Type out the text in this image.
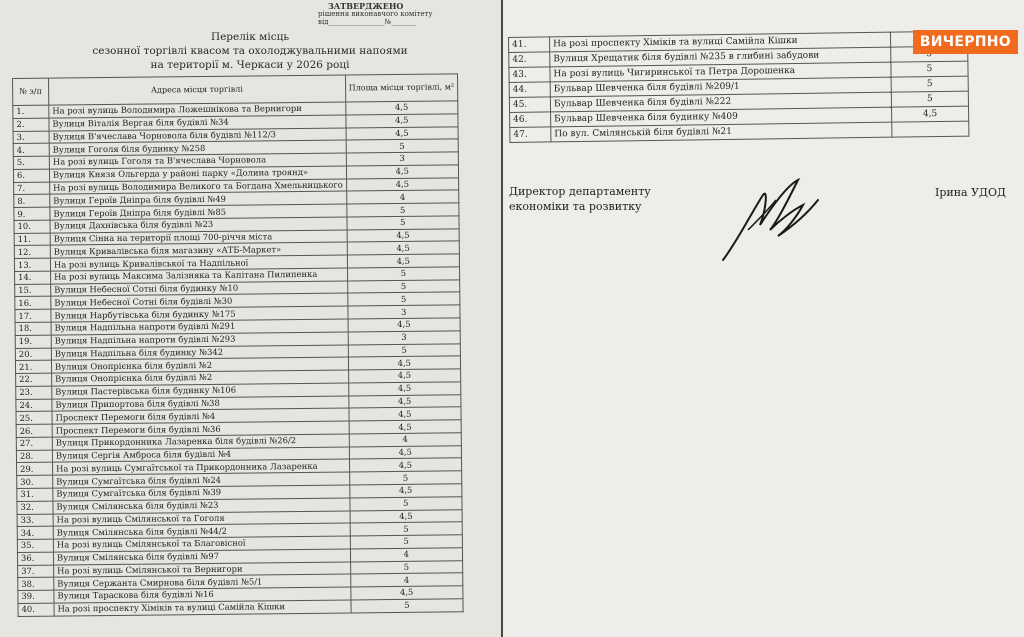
ЗАТВЕРДЖЕНО
рішення виконавчого комітету
від________________№_______
Перелік місць
сезонної торгівлі квасом та охолоджувальними напоями
на території м. Черкаси у 2026 році
№ з/п	Адреса місця торгівлі	Площа місця торгівлі, м²
1.	На розі вулиць Володимира Ложешнікова та Вернигори	4,5
2.	Вулиця Віталія Вергая біля будівлі №34	4,5
3.	Вулиця В'ячеслава Чорновола біля будівлі №112/3	4,5
4.	Вулиця Гоголя біля будинку №258	5
5.	На розі вулиць Гоголя та В'ячеслава Чорновола	3
6.	Вулиця Князя Ольгерда у районі парку «Долина троянд»	4,5
7.	На розі вулиць Володимира Великого та Богдана Хмельницького	4,5
8.	Вулиця Героїв Дніпра біля будівлі №49	4
9.	Вулиця Героїв Дніпра біля будівлі №85	5
10.	Вулиця Дахнівська біля будівлі №23	5
11.	Вулиця Сінна на території площі 700-річчя міста	4,5
12.	Вулиця Кривалівська біля магазину «АТБ-Маркет»	4,5
13.	На розі вулиць Кривалівської та Надпільної	4,5
14.	На розі вулиць Максима Залізняка та Капітана Пилипенка	5
15.	Вулиця Небесної Сотні біля будинку №10	5
16.	Вулиця Небесної Сотні біля будівлі №30	5
17.	Вулиця Нарбутівська біля будинку №175	3
18.	Вулиця Надпільна напроти будівлі №291	4,5
19.	Вулиця Надпільна напроти будівлі №293	3
20.	Вулиця Надпільна біля будинку №342	5
21.	Вулиця Онопрієнка біля будівлі №2	4,5
22.	Вулиця Онопрієнка біля будівлі №2	4,5
23.	Вулиця Пастерівська біля будинку №106	4,5
24.	Вулиця Припортова біля будівлі №38	4,5
25.	Проспект Перемоги біля будівлі №4	4,5
26.	Проспект Перемоги біля будівлі №36	4,5
27.	Вулиця Прикордонника Лазаренка біля будівлі №26/2	4
28.	Вулиця Сергія Амброса біля будівлі №4	4,5
29.	На розі вулиць Сумгаїтської та Прикордонника Лазаренка	4,5
30.	Вулиця Сумгаїтська біля будівлі №24	5
31.	Вулиця Сумгаїтська біля будівлі №39	4,5
32.	Вулиця Смілянська біля будівлі №23	5
33.	На розі вулиць Смілянської та Гоголя	4,5
34.	Вулиця Смілянська біля будівлі №44/2	5
35.	На розі вулиць Смілянської та Благовісної	5
36.	Вулиця Смілянська біля будівлі №97	4
37.	На розі вулиць Смілянської та Вернигори	5
38.	Вулиця Сержанта Смирнова біля будівлі №5/1	4
39.	Вулиця Тараскова біля будівлі №16	4,5
40.	На розі проспекту Хіміків та вулиці Самійла Кішки	5
41.	На розі проспекту Хіміків та вулиці Самійла Кішки	
42.	Вулиця Хрещатик біля будівлі №235 в глибині забудови	
43.	На розі вулиць Чигиринської та Петра Дорошенка	5
44.	Бульвар Шевченка біля будівлі №209/1	5
45.	Бульвар Шевченка біля будівлі №222	5
46.	Бульвар Шевченка біля будинку №409	4,5
47.	По вул. Смілянській біля будівлі №21	
Директор департаменту
економіки та розвитку
Ірина УДОД
ВИЧЕРПНО
